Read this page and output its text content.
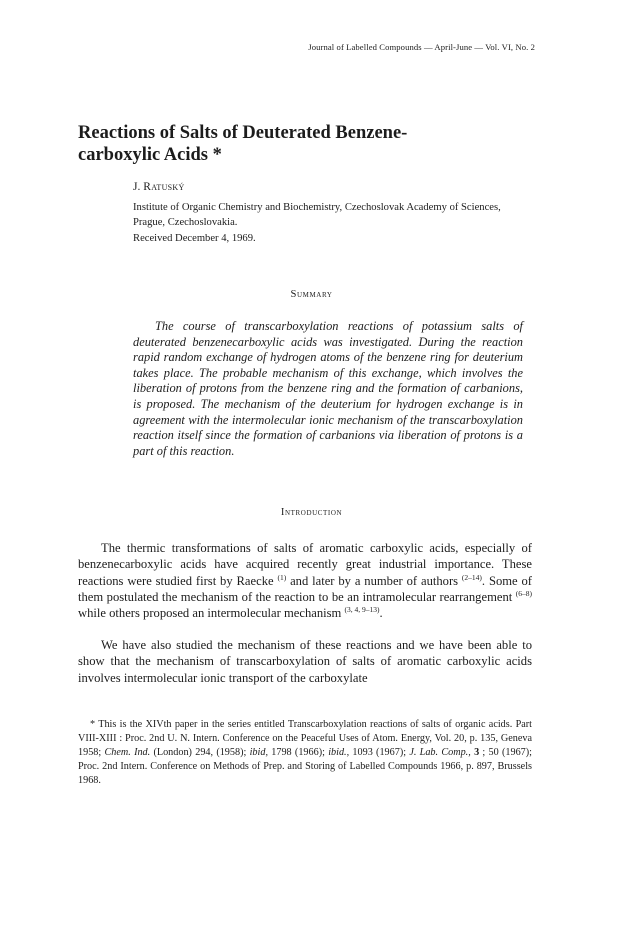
Journal of Labelled Compounds — April-June — Vol. VI, No. 2
Reactions of Salts of Deuterated Benzene-
carboxylic Acids *
J. Ratuský
Institute of Organic Chemistry and Biochemistry, Czechoslovak Academy of Sciences, Prague, Czechoslovakia.
Received December 4, 1969.
Summary

The course of transcarboxylation reactions of potassium salts of deuterated benzenecarboxylic acids was investigated. During the reaction rapid random exchange of hydrogen atoms of the benzene ring for deuterium takes place. The probable mechanism of this exchange, which involves the liberation of protons from the benzene ring and the formation of carbanions, is proposed. The mechanism of the deuterium for hydrogen exchange is in agreement with the intermolecular ionic mechanism of the transcarboxylation reaction itself since the formation of carbanions via liberation of protons is a part of this reaction.

Introduction

The thermic transformations of salts of aromatic carboxylic acids, especially of benzenecarboxylic acids have acquired recently great industrial importance. These reactions were studied first by Raecke $^{(1)}$ and later by a number of authors $^{(2-14)}$. Some of them postulated the mechanism of the reaction to be an intramolecular rearrangement $^{(6-8)}$ while others proposed an intermolecular mechanism $^{(3, 4, 9-13)}$.

We have also studied the mechanism of these reactions and we have been able to show that the mechanism of transcarboxylation of salts of aromatic carboxylic acids involves intermolecular ionic transport of the carboxylate

* This is the XIVth paper in the series entitled Transcarboxylation reactions of salts of organic acids. Part VIII-XIII : Proc. 2nd U. N. Intern. Conference on the Peaceful Uses of Atom. Energy, Vol. 20, p. 135, Geneva 1958; Chem. Ind. (London) 294, (1958); ibid, 1798 (1966); ibid., 1093 (1967); J. Lab. Comp., 3 ; 50 (1967); Proc. 2nd Intern. Conference on Methods of Prep. and Storing of Labelled Compounds 1966, p. 897, Brussels 1968.
